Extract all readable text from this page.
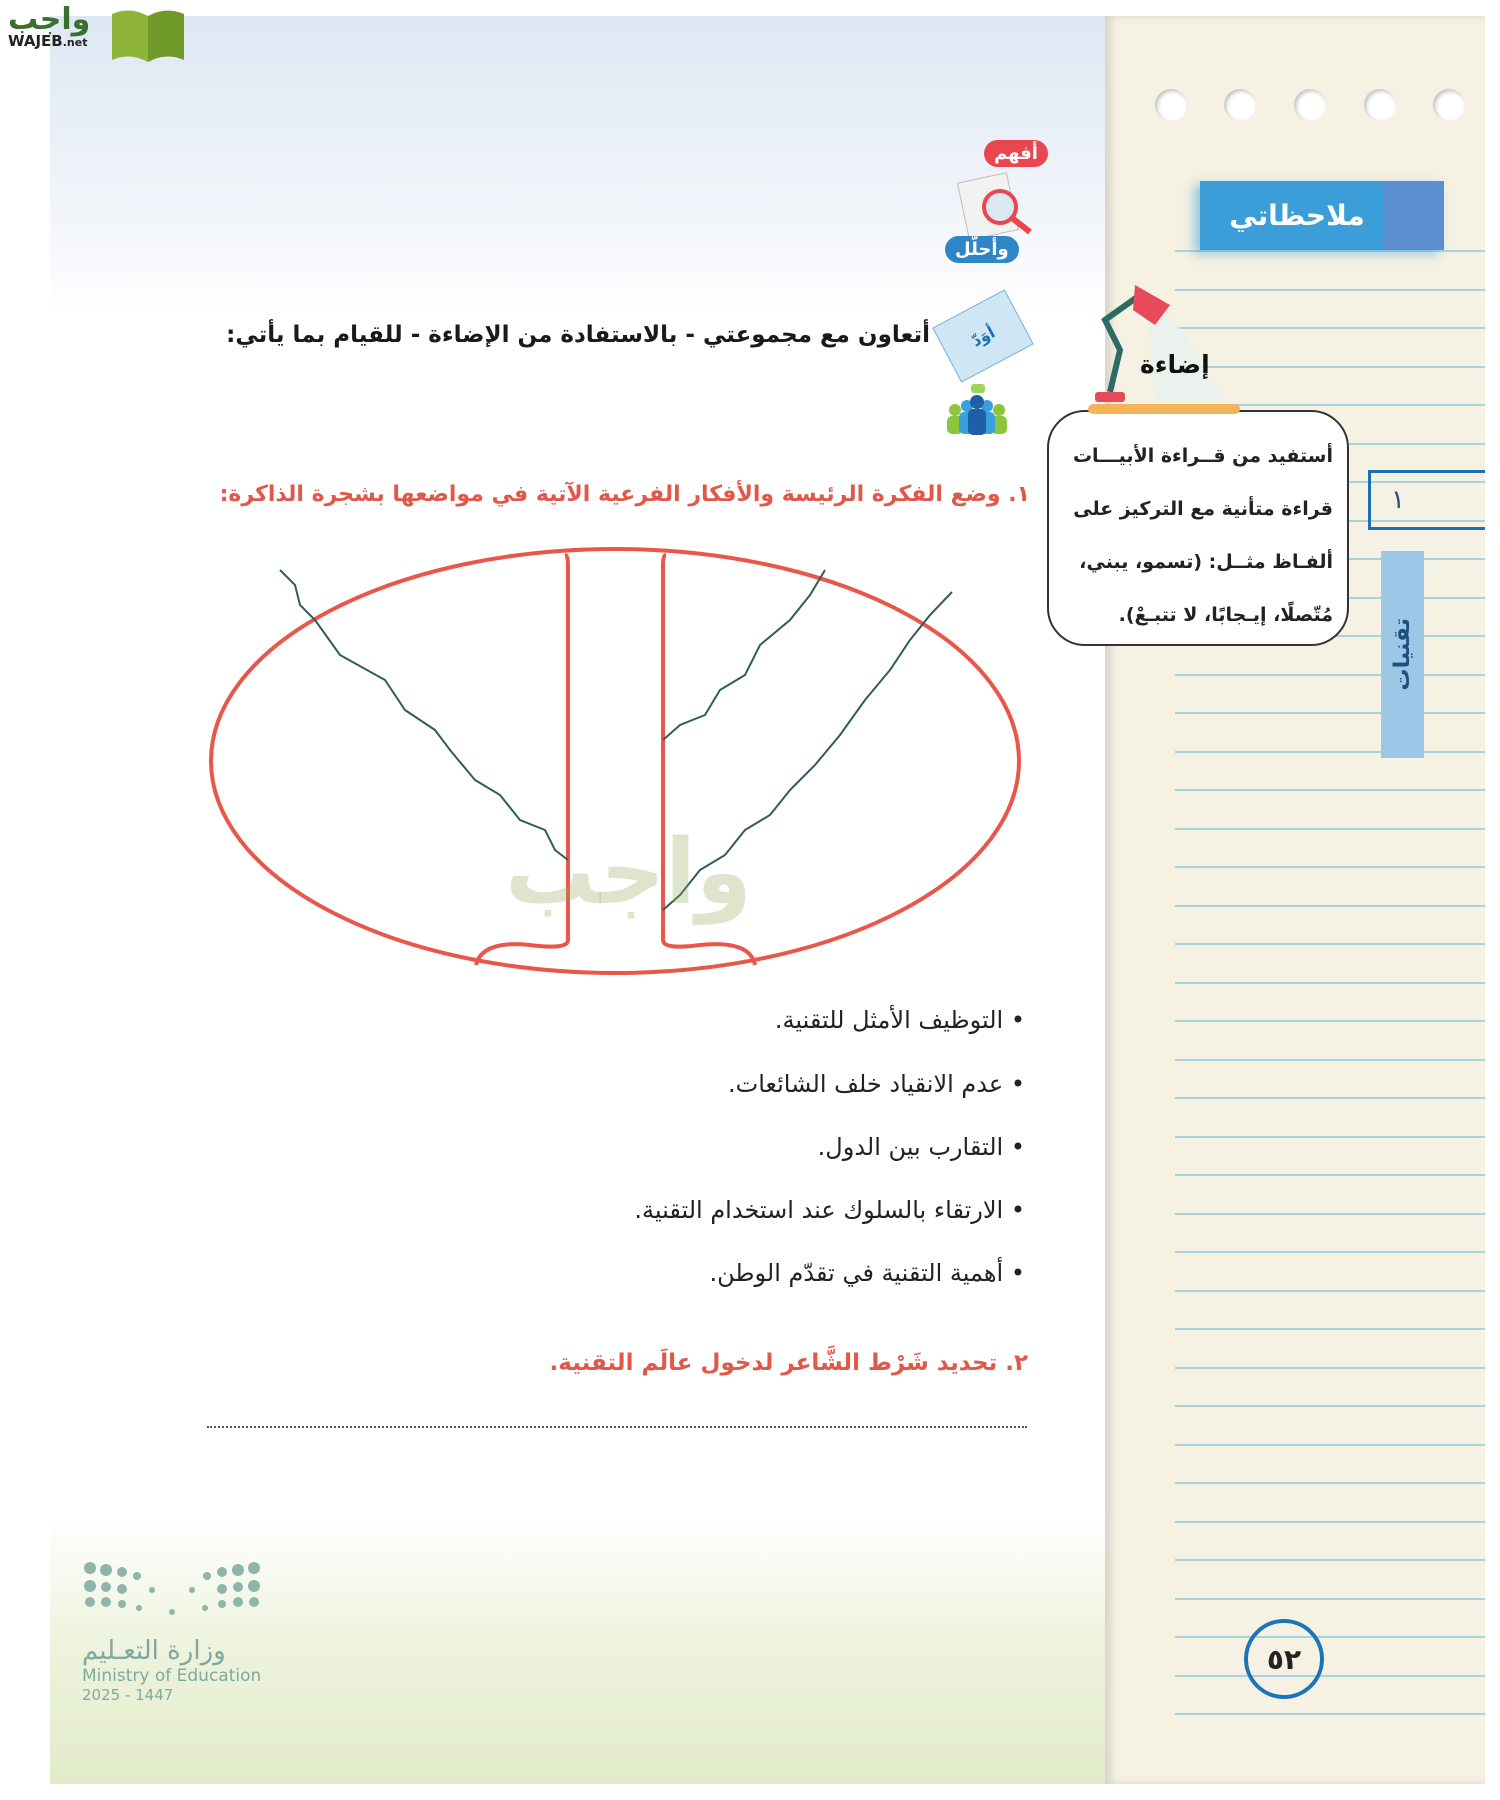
واجب
WAJEB.net
ملاحظاتي
إضاءة
أستفيد من قــراءة الأبيـــات
قراءة متأنية مع التركيز على
ألفـاظ مثــل: (تسمو، يبني،
مُتّصلًا، إيـجابًا، لا تتبـعْ).
١
تقنيات
٥٢
أفهم
وأحلّل
أوَدّ
أتعاون مع مجموعتي - بالاستفادة من الإضاءة - للقيام بما يأتي:
١. وضع الفكرة الرئيسة والأفكار الفرعية الآتية في مواضعها بشجرة الذاكرة:
واجب
• التوظيف الأمثل للتقنية.
• عدم الانقياد خلف الشائعات.
• التقارب بين الدول.
• الارتقاء بالسلوك عند استخدام التقنية.
• أهمية التقنية في تقدّم الوطن.
٢. تحديد شَرْط الشَّاعر لدخول عالَم التقنية.
وزارة التعـليم
Ministry of Education
2025 - 1447
